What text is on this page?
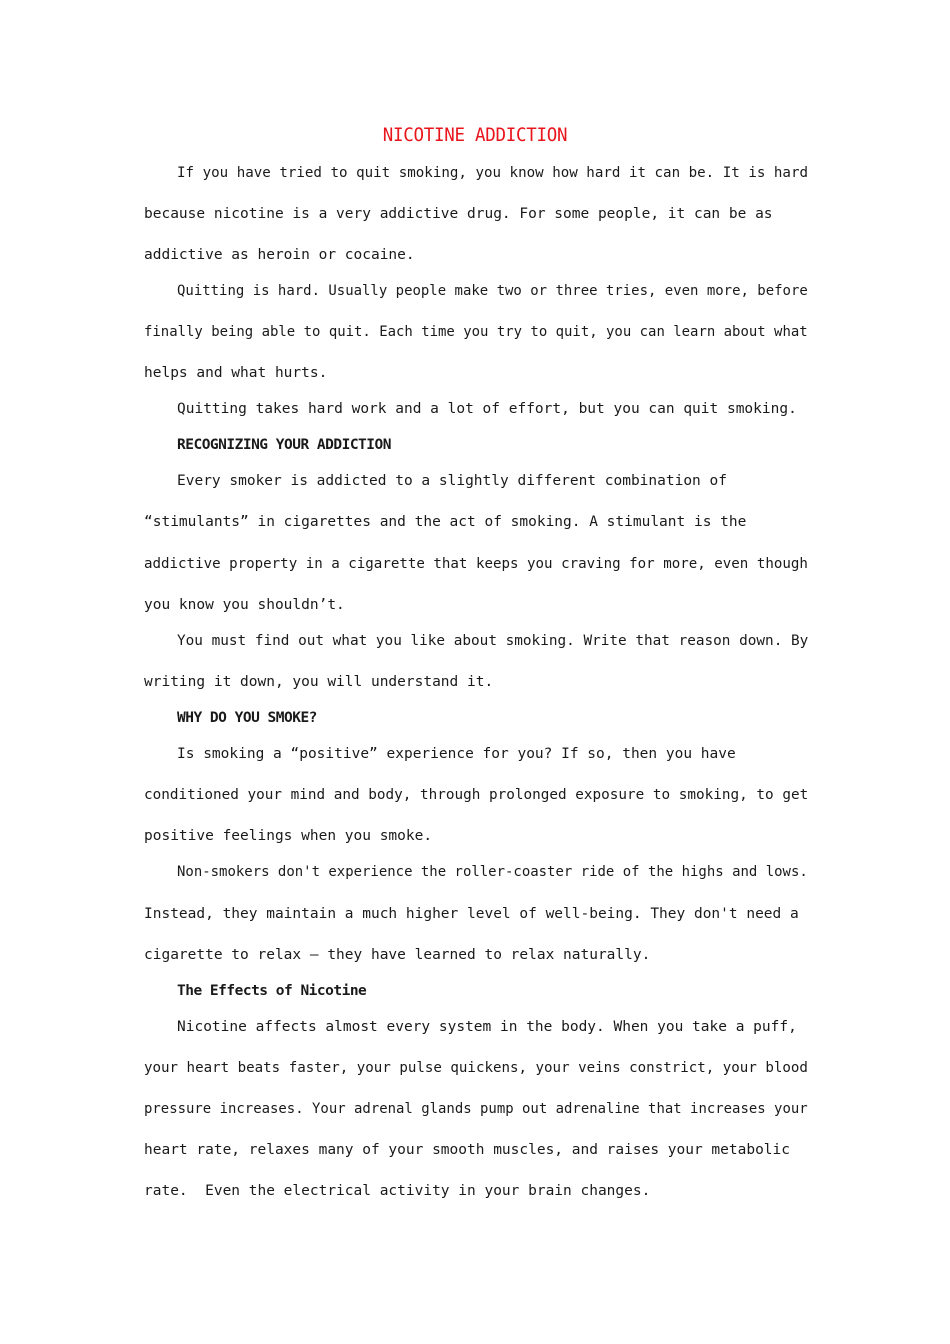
NICOTINE ADDICTION

If you have tried to quit smoking, you know how hard it can be. It is hard

because nicotine is a very addictive drug. For some people, it can be as

addictive as heroin or cocaine.

Quitting is hard. Usually people make two or three tries, even more, before

finally being able to quit. Each time you try to quit, you can learn about what

helps and what hurts.

Quitting takes hard work and a lot of effort, but you can quit smoking.

RECOGNIZING YOUR ADDICTION

Every smoker is addicted to a slightly different combination of

“stimulants” in cigarettes and the act of smoking. A stimulant is the

addictive property in a cigarette that keeps you craving for more, even though

you know you shouldn’t.

You must find out what you like about smoking. Write that reason down. By

writing it down, you will understand it.

WHY DO YOU SMOKE?

Is smoking a “positive” experience for you? If so, then you have

conditioned your mind and body, through prolonged exposure to smoking, to get

positive feelings when you smoke.

Non-smokers don't experience the roller-coaster ride of the highs and lows.

Instead, they maintain a much higher level of well-being. They don't need a

cigarette to relax – they have learned to relax naturally.

The Effects of Nicotine

Nicotine affects almost every system in the body. When you take a puff,

your heart beats faster, your pulse quickens, your veins constrict, your blood

pressure increases. Your adrenal glands pump out adrenaline that increases your

heart rate, relaxes many of your smooth muscles, and raises your metabolic

rate.  Even the electrical activity in your brain changes.
